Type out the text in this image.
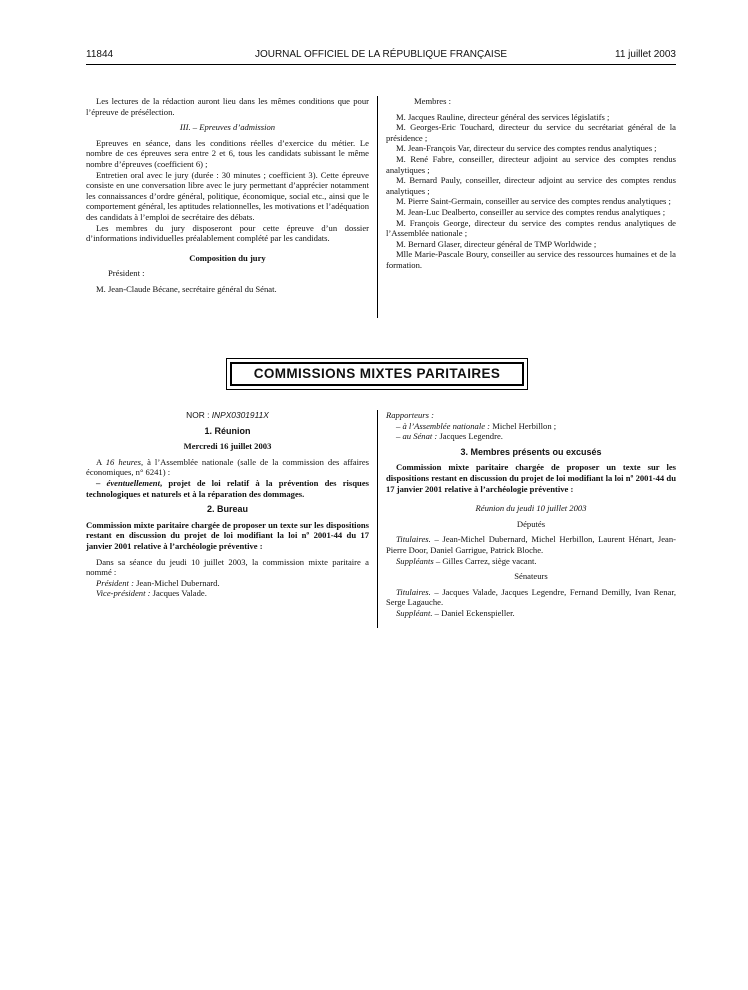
11844	JOURNAL OFFICIEL DE LA RÉPUBLIQUE FRANÇAISE	11 juillet 2003

Les lectures de la rédaction auront lieu dans les mêmes conditions que pour l’épreuve de présélection.

III. – Epreuves d’admission

Epreuves en séance, dans les conditions réelles d’exercice du métier. Le nombre de ces épreuves sera entre 2 et 6, tous les candidats subissant le même nombre d’épreuves (coefficient 6) ;

Entretien oral avec le jury (durée : 30 minutes ; coefficient 3). Cette épreuve consiste en une conversation libre avec le jury permettant d’apprécier notamment les connaissances d’ordre général, politique, économique, social etc., ainsi que le comportement général, les aptitudes relationnelles, les motivations et l’adéquation des candidats à l’emploi de secrétaire des débats.

Les membres du jury disposeront pour cette épreuve d’un dossier d’informations individuelles préalablement complété par les candidats.

Composition du jury

Président :

M. Jean-Claude Bécane, secrétaire général du Sénat.

Membres :

M. Jacques Rauline, directeur général des services législatifs ;

M. Georges-Eric Touchard, directeur du service du secrétariat général de la présidence ;

M. Jean-François Var, directeur du service des comptes rendus analytiques ;

M. René Fabre, conseiller, directeur adjoint au service des comptes rendus analytiques ;

M. Bernard Pauly, conseiller, directeur adjoint au service des comptes rendus analytiques ;

M. Pierre Saint-Germain, conseiller au service des comptes rendus analytiques ;

M. Jean-Luc Dealberto, conseiller au service des comptes rendus analytiques ;

M. François George, directeur du service des comptes rendus analytiques de l’Assemblée nationale ;

M. Bernard Glaser, directeur général de TMP Worldwide ;

Mlle Marie-Pascale Boury, conseiller au service des ressources humaines et de la formation.

COMMISSIONS MIXTES PARITAIRES

NOR : INPX0301911X

1. Réunion

Mercredi 16 juillet 2003

A 16 heures, à l’Assemblée nationale (salle de la commission des affaires économiques, n° 6241) :

– éventuellement, projet de loi relatif à la prévention des risques technologiques et naturels et à la réparation des dommages.

2. Bureau

Commission mixte paritaire chargée de proposer un texte sur les dispositions restant en discussion du projet de loi modifiant la loi nº 2001-44 du 17 janvier 2001 relative à l’archéologie préventive :

Dans sa séance du jeudi 10 juillet 2003, la commission mixte paritaire a nommé :

Président : Jean-Michel Dubernard.

Vice-président : Jacques Valade.

Rapporteurs :

– à l’Assemblée nationale : Michel Herbillon ;

– au Sénat : Jacques Legendre.

3. Membres présents ou excusés

Commission mixte paritaire chargée de proposer un texte sur les dispositions restant en discussion du projet de loi modifiant la loi nº 2001-44 du 17 janvier 2001 relative à l’archéologie préventive :

Réunion du jeudi 10 juillet 2003

Députés

Titulaires. – Jean-Michel Dubernard, Michel Herbillon, Laurent Hénart, Jean-Pierre Door, Daniel Garrigue, Patrick Bloche.

Suppléants – Gilles Carrez, siège vacant.

Sénateurs

Titulaires. – Jacques Valade, Jacques Legendre, Fernand Demilly, Ivan Renar, Serge Lagauche.

Suppléant. – Daniel Eckenspieller.
